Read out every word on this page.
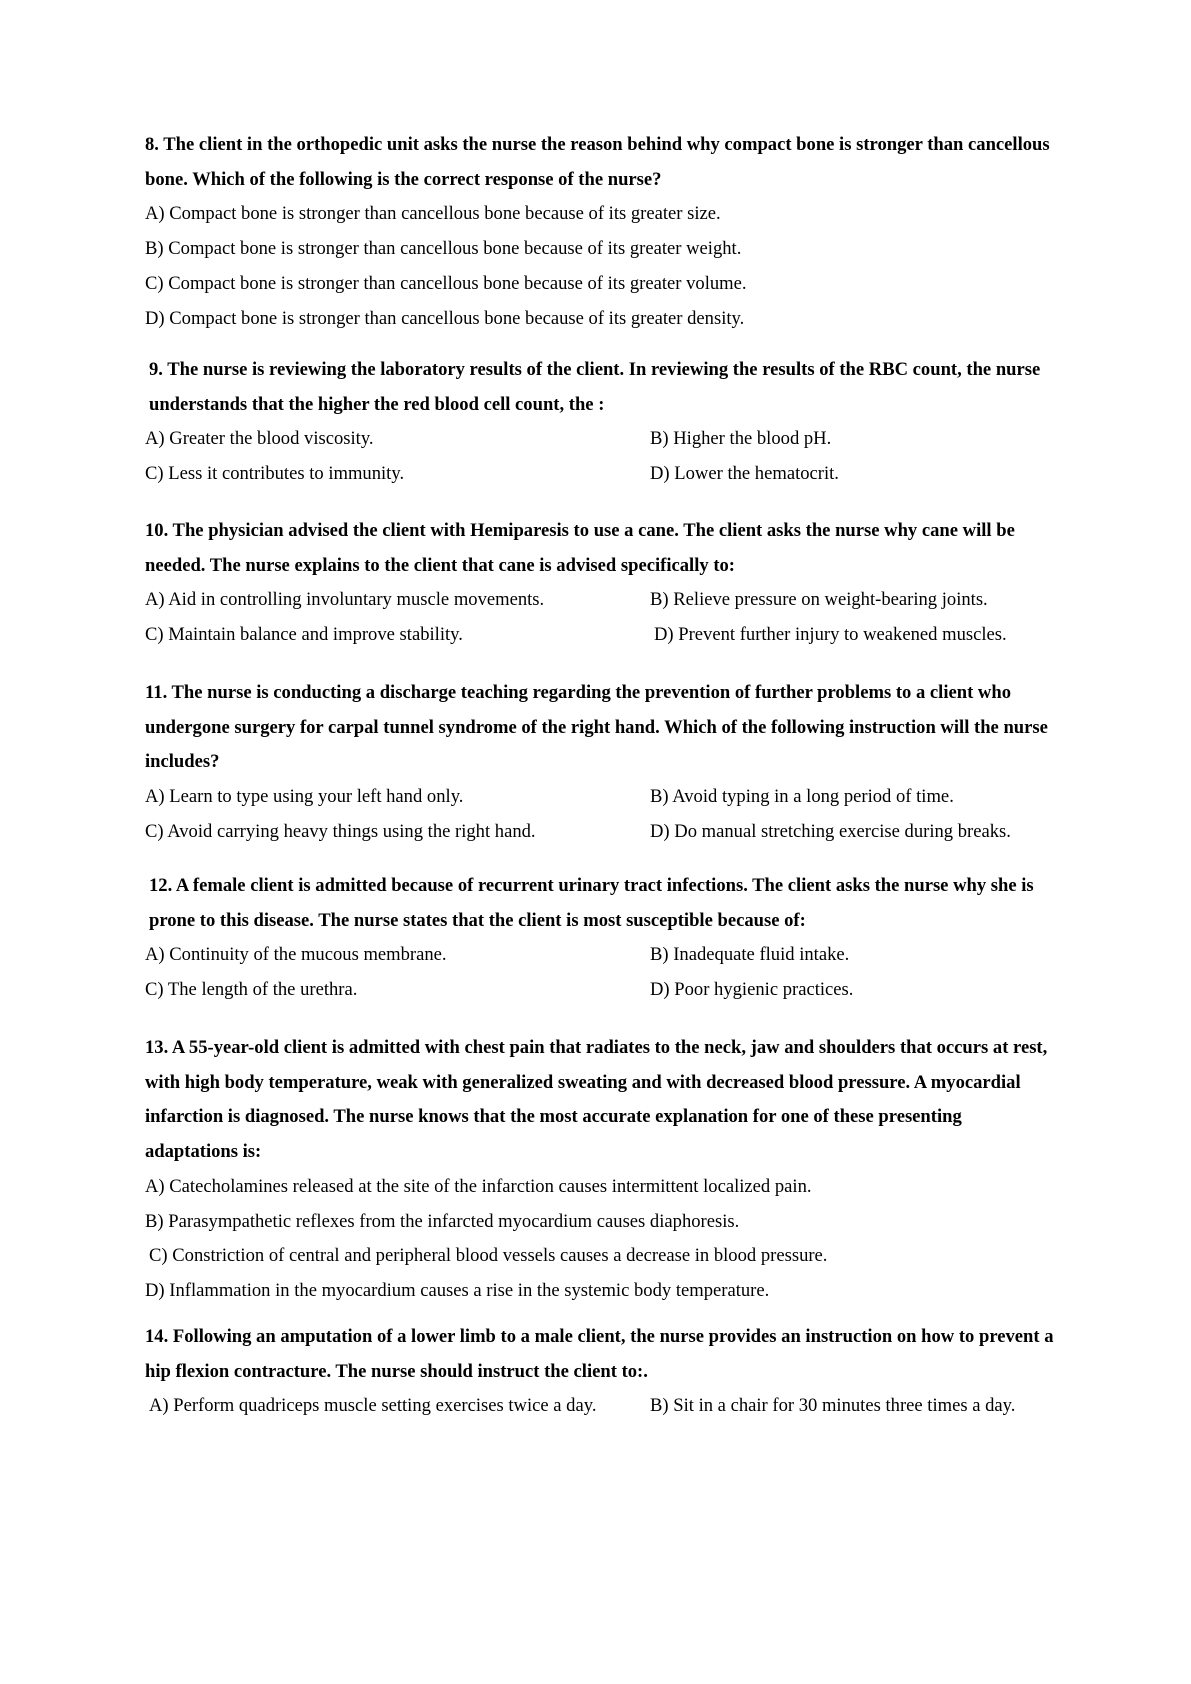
8. The client in the orthopedic unit asks the nurse the reason behind why compact bone is stronger than cancellous bone. Which of the following is the correct response of the nurse?

A) Compact bone is stronger than cancellous bone because of its greater size.
B) Compact bone is stronger than cancellous bone because of its greater weight.
C) Compact bone is stronger than cancellous bone because of its greater volume.
D) Compact bone is stronger than cancellous bone because of its greater density.

9. The nurse is reviewing the laboratory results of the client. In reviewing the results of the RBC count, the nurse understands that the higher the red blood cell count, the :

A) Greater the blood viscosity.	B) Higher the blood pH.
C) Less it contributes to immunity.	D) Lower the hematocrit.

10. The physician advised the client with Hemiparesis to use a cane. The client asks the nurse why cane will be needed. The nurse explains to the client that cane is advised specifically to:

A) Aid in controlling involuntary muscle movements.	B) Relieve pressure on weight-bearing joints.
C) Maintain balance and improve stability.	D) Prevent further injury to weakened muscles.

11. The nurse is conducting a discharge teaching regarding the prevention of further problems to a client who undergone surgery for carpal tunnel syndrome of the right hand. Which of the following instruction will the nurse includes?

A) Learn to type using your left hand only.	B) Avoid typing in a long period of time.
C) Avoid carrying heavy things using the right hand.	D) Do manual stretching exercise during breaks.

12. A female client is admitted because of recurrent urinary tract infections. The client asks the nurse why she is prone to this disease. The nurse states that the client is most susceptible because of:

A) Continuity of the mucous membrane.	B) Inadequate fluid intake.
C) The length of the urethra.	D) Poor hygienic practices.

13. A 55-year-old client is admitted with chest pain that radiates to the neck, jaw and shoulders that occurs at rest, with high body temperature, weak with generalized sweating and with decreased blood pressure. A myocardial infarction is diagnosed. The nurse knows that the most accurate explanation for one of these presenting adaptations is:

A) Catecholamines released at the site of the infarction causes intermittent localized pain.
B) Parasympathetic reflexes from the infarcted myocardium causes diaphoresis.
C) Constriction of central and peripheral blood vessels causes a decrease in blood pressure.
D) Inflammation in the myocardium causes a rise in the systemic body temperature.

14. Following an amputation of a lower limb to a male client, the nurse provides an instruction on how to prevent a hip flexion contracture. The nurse should instruct the client to:.

A) Perform quadriceps muscle setting exercises twice a day.	B) Sit in a chair for 30 minutes three times a day.
